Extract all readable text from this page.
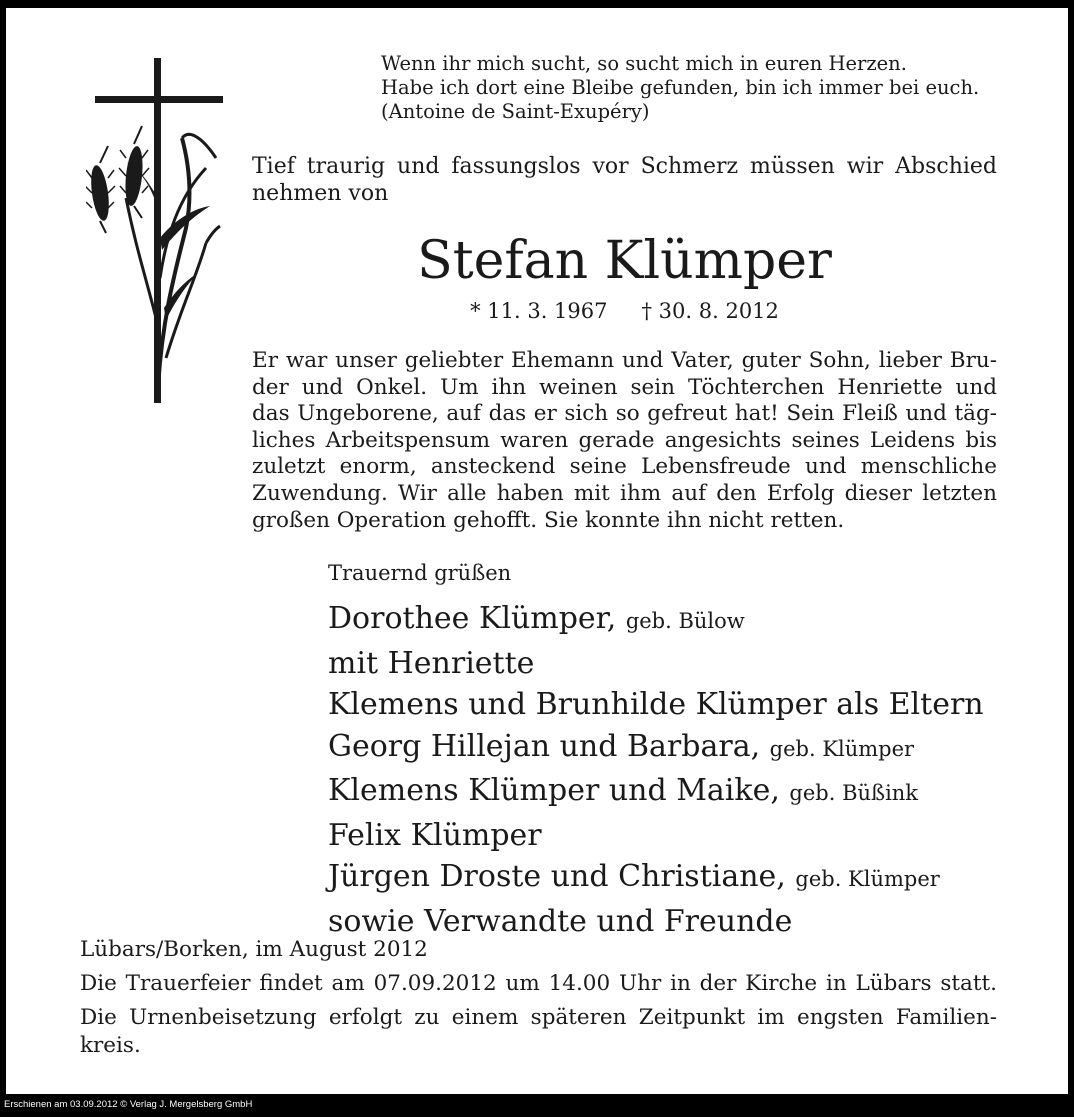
Wenn ihr mich sucht, so sucht mich in euren Herzen.
Habe ich dort eine Bleibe gefunden, bin ich immer bei euch.
(Antoine de Saint-Exupéry)

Tief traurig und fassungslos vor Schmerz müssen wir Abschied nehmen von

Stefan Klümper
* 11. 3. 1967 † 30. 8. 2012
Er war unser geliebter Ehemann und Vater, guter Sohn, lieber Bru-
der und Onkel. Um ihn weinen sein Töchterchen Henriette und
das Ungeborene, auf das er sich so gefreut hat! Sein Fleiß und täg-
liches Arbeitspensum waren gerade angesichts seines Leidens bis
zuletzt enorm, ansteckend seine Lebensfreude und menschliche
Zuwendung. Wir alle haben mit ihm auf den Erfolg dieser letzten
großen Operation gehofft. Sie konnte ihn nicht retten.
Trauernd grüßen
Dorothee Klümper, geb. Bülow
mit Henriette
Klemens und Brunhilde Klümper als Eltern
Georg Hillejan und Barbara, geb. Klümper
Klemens Klümper und Maike, geb. Büßink
Felix Klümper
Jürgen Droste und Christiane, geb. Klümper
sowie Verwandte und Freunde
Lübars/Borken, im August 2012
Die Trauerfeier findet am 07.09.2012 um 14.00 Uhr in der Kirche in Lübars statt.
Die Urnenbeisetzung erfolgt zu einem späteren Zeitpunkt im engsten Familien-
kreis.
Erschienen am 03.09.2012 © Verlag J. Mergelsberg GmbH
